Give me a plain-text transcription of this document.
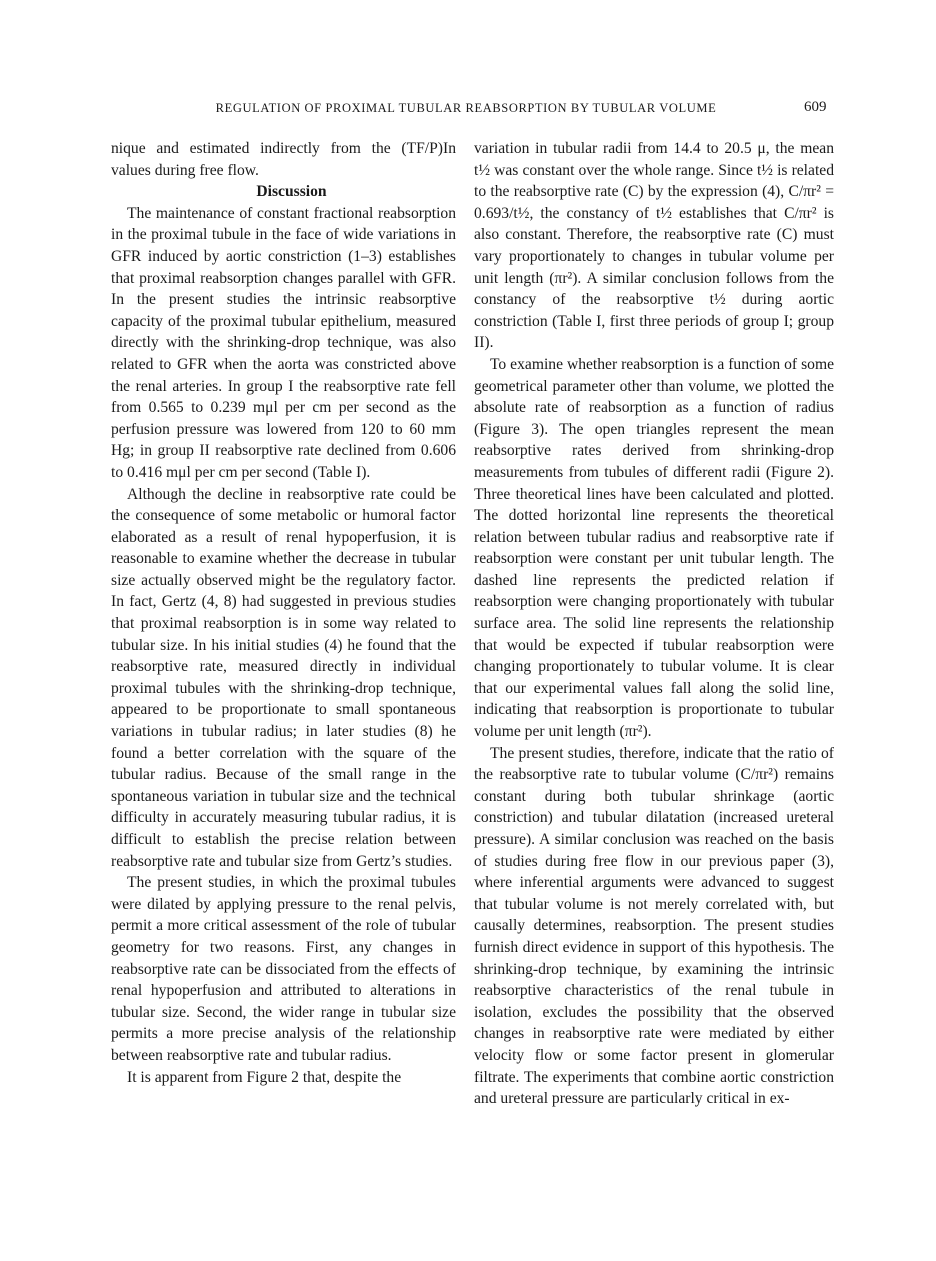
REGULATION OF PROXIMAL TUBULAR REABSORPTION BY TUBULAR VOLUME	609

nique and estimated indirectly from the (TF/P)In values during free flow.

Discussion

The maintenance of constant fractional reabsorption in the proximal tubule in the face of wide variations in GFR induced by aortic constriction (1–3) establishes that proximal reabsorption changes parallel with GFR. In the present studies the intrinsic reabsorptive capacity of the proximal tubular epithelium, measured directly with the shrinking-drop technique, was also related to GFR when the aorta was constricted above the renal arteries. In group I the reabsorptive rate fell from 0.565 to 0.239 mμl per cm per second as the perfusion pressure was lowered from 120 to 60 mm Hg; in group II reabsorptive rate declined from 0.606 to 0.416 mμl per cm per second (Table I).

Although the decline in reabsorptive rate could be the consequence of some metabolic or humoral factor elaborated as a result of renal hypoperfusion, it is reasonable to examine whether the decrease in tubular size actually observed might be the regulatory factor. In fact, Gertz (4, 8) had suggested in previous studies that proximal reabsorption is in some way related to tubular size. In his initial studies (4) he found that the reabsorptive rate, measured directly in individual proximal tubules with the shrinking-drop technique, appeared to be proportionate to small spontaneous variations in tubular radius; in later studies (8) he found a better correlation with the square of the tubular radius. Because of the small range in the spontaneous variation in tubular size and the technical difficulty in accurately measuring tubular radius, it is difficult to establish the precise relation between reabsorptive rate and tubular size from Gertz’s studies.

The present studies, in which the proximal tubules were dilated by applying pressure to the renal pelvis, permit a more critical assessment of the role of tubular geometry for two reasons. First, any changes in reabsorptive rate can be dissociated from the effects of renal hypoperfusion and attributed to alterations in tubular size. Second, the wider range in tubular size permits a more precise analysis of the relationship between reabsorptive rate and tubular radius.

It is apparent from Figure 2 that, despite the

variation in tubular radii from 14.4 to 20.5 μ, the mean t½ was constant over the whole range. Since t½ is related to the reabsorptive rate (C) by the expression (4), C/πr² = 0.693/t½, the constancy of t½ establishes that C/πr² is also constant. Therefore, the reabsorptive rate (C) must vary proportionately to changes in tubular volume per unit length (πr²). A similar conclusion follows from the constancy of the reabsorptive t½ during aortic constriction (Table I, first three periods of group I; group II).

To examine whether reabsorption is a function of some geometrical parameter other than volume, we plotted the absolute rate of reabsorption as a function of radius (Figure 3). The open triangles represent the mean reabsorptive rates derived from shrinking-drop measurements from tubules of different radii (Figure 2). Three theoretical lines have been calculated and plotted. The dotted horizontal line represents the theoretical relation between tubular radius and reabsorptive rate if reabsorption were constant per unit tubular length. The dashed line represents the predicted relation if reabsorption were changing proportionately with tubular surface area. The solid line represents the relationship that would be expected if tubular reabsorption were changing proportionately to tubular volume. It is clear that our experimental values fall along the solid line, indicating that reabsorption is proportionate to tubular volume per unit length (πr²).

The present studies, therefore, indicate that the ratio of the reabsorptive rate to tubular volume (C/πr²) remains constant during both tubular shrinkage (aortic constriction) and tubular dilatation (increased ureteral pressure). A similar conclusion was reached on the basis of studies during free flow in our previous paper (3), where inferential arguments were advanced to suggest that tubular volume is not merely correlated with, but causally determines, reabsorption. The present studies furnish direct evidence in support of this hypothesis. The shrinking-drop technique, by examining the intrinsic reabsorptive characteristics of the renal tubule in isolation, excludes the possibility that the observed changes in reabsorptive rate were mediated by either velocity flow or some factor present in glomerular filtrate. The experiments that combine aortic constriction and ureteral pressure are particularly critical in ex-
